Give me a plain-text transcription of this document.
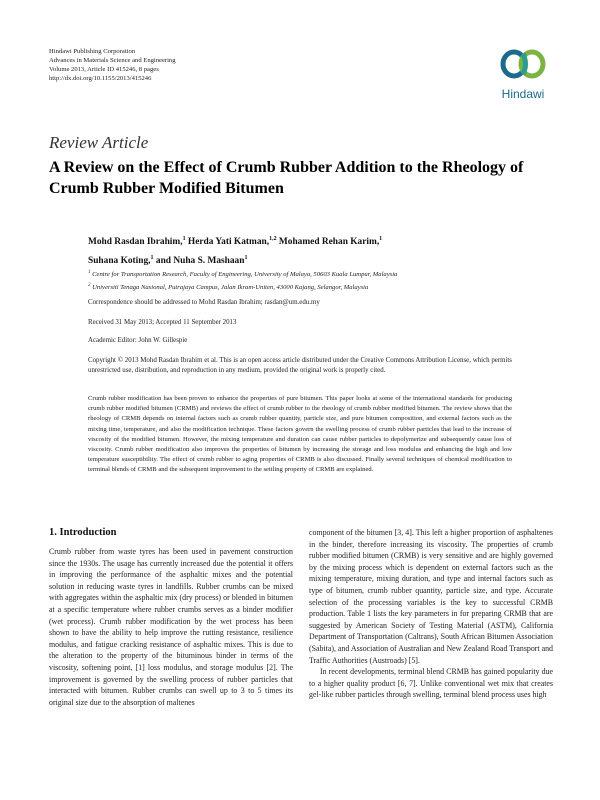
Hindawi Publishing Corporation
Advances in Materials Science and Engineering
Volume 2013, Article ID 415246, 8 pages
http://dx.doi.org/10.1155/2013/415246
Hindawi
Review Article
A Review on the Effect of Crumb Rubber Addition to the Rheology of Crumb Rubber Modified Bitumen
Mohd Rasdan Ibrahim,$^1$ Herda Yati Katman,$^{1,2}$ Mohamed Rehan Karim,$^1$
Suhana Koting,$^1$ and Nuha S. Mashaan$^1$
$^1$ Centre for Transportation Research, Faculty of Engineering, University of Malaya, 50603 Kuala Lumpur, Malaysia
$^2$ Universiti Tenaga Nasional, Putrajaya Campus, Jalan Ikram-Uniten, 43000 Kajang, Selangor, Malaysia
Correspondence should be addressed to Mohd Rasdan Ibrahim; rasdan@um.edu.my
Received 31 May 2013; Accepted 11 September 2013
Academic Editor: John W. Gillespie
Copyright © 2013 Mohd Rasdan Ibrahim et al. This is an open access article distributed under the Creative Commons Attribution License, which permits unrestricted use, distribution, and reproduction in any medium, provided the original work is properly cited.
Crumb rubber modification has been proven to enhance the properties of pure bitumen. This paper looks at some of the international standards for producing crumb rubber modified bitumen (CRMB) and reviews the effect of crumb rubber to the rheology of crumb rubber modified bitumen. The review shows that the rheology of CRMB depends on internal factors such as crumb rubber quantity, particle size, and pure bitumen composition, and external factors such as the mixing time, temperature, and also the modification technique. These factors govern the swelling process of crumb rubber particles that lead to the increase of viscosity of the modified bitumen. However, the mixing temperature and duration can cause rubber particles to depolymerize and subsequently cause loss of viscosity. Crumb rubber modification also improves the properties of bitumen by increasing the storage and loss modulus and enhancing the high and low temperature susceptibility. The effect of crumb rubber to aging properties of CRMB is also discussed. Finally several techniques of chemical modification to terminal blends of CRMB and the subsequent improvement to the settling property of CRMB are explained.
1. Introduction

Crumb rubber from waste tyres has been used in pavement construction since the 1930s. The usage has currently increased due the potential it offers in improving the performance of the asphaltic mixes and the potential solution in reducing waste tyres in landfills. Rubber crumbs can be mixed with aggregates within the asphaltic mix (dry process) or blended in bitumen at a specific temperature where rubber crumbs serves as a binder modifier (wet process). Crumb rubber modification by the wet process has been shown to have the ability to help improve the rutting resistance, resilience modulus, and fatigue cracking resistance of asphaltic mixes. This is due to the alteration to the property of the bituminous binder in terms of the viscosity, softening point, [1] loss modulus, and storage modulus [2]. The improvement is governed by the swelling process of rubber particles that interacted with bitumen. Rubber crumbs can swell up to 3 to 5 times its original size due to the absorption of maltenes

component of the bitumen [3, 4]. This left a higher proportion of asphaltenes in the binder, therefore increasing its viscosity. The properties of crumb rubber modified bitumen (CRMB) is very sensitive and are highly governed by the mixing process which is dependent on external factors such as the mixing temperature, mixing duration, and type and internal factors such as type of bitumen, crumb rubber quantity, particle size, and type. Accurate selection of the processing variables is the key to successful CRMB production. Table 1 lists the key parameters in for preparing CRMB that are suggested by American Society of Testing Material (ASTM), California Department of Transportation (Caltrans), South African Bitumen Association (Sabita), and Association of Australian and New Zealand Road Transport and Traffic Authorities (Austroads) [5].

In recent developments, terminal blend CRMB has gained popularity due to a higher quality product [6, 7]. Unlike conventional wet mix that creates gel-like rubber particles through swelling, terminal blend process uses high
